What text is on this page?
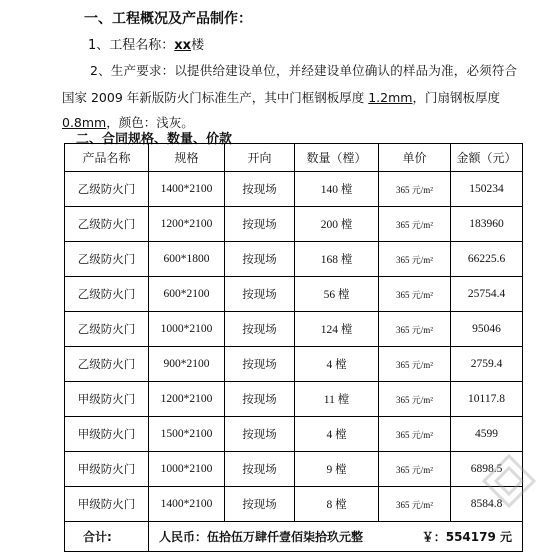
一、工程概况及产品制作：
1、工程名称：xx楼
2、生产要求：以提供给建设单位，并经建设单位确认的样品为准，必须符合
国家 2009 年新版防火门标准生产，其中门框钢板厚度 1.2mm，门扇钢板厚度
0.8mm，颜色：浅灰。
二、合同规格、数量、价款
产品名称	规格	开向	数量（樘）	单价	金额（元）
乙级防火门	1400*2100	按现场	140 樘	365 元/m²	150234
乙级防火门	1200*2100	按现场	200 樘	365 元/m²	183960
乙级防火门	600*1800	按现场	168 樘	365 元/m²	66225.6
乙级防火门	600*2100	按现场	56 樘	365 元/m²	25754.4
乙级防火门	1000*2100	按现场	124 樘	365 元/m²	95046
乙级防火门	900*2100	按现场	4 樘	365 元/m²	2759.4
甲级防火门	1200*2100	按现场	11 樘	365 元/m²	10117.8
甲级防火门	1500*2100	按现场	4 樘	365 元/m²	4599
甲级防火门	1000*2100	按现场	9 樘	365 元/m²	6898.5
甲级防火门	1400*2100	按现场	8 樘	365 元/m²	8584.8
合计:	人民币：伍拾伍万肆仟壹佰柒拾玖元整			￥：554179 元	
